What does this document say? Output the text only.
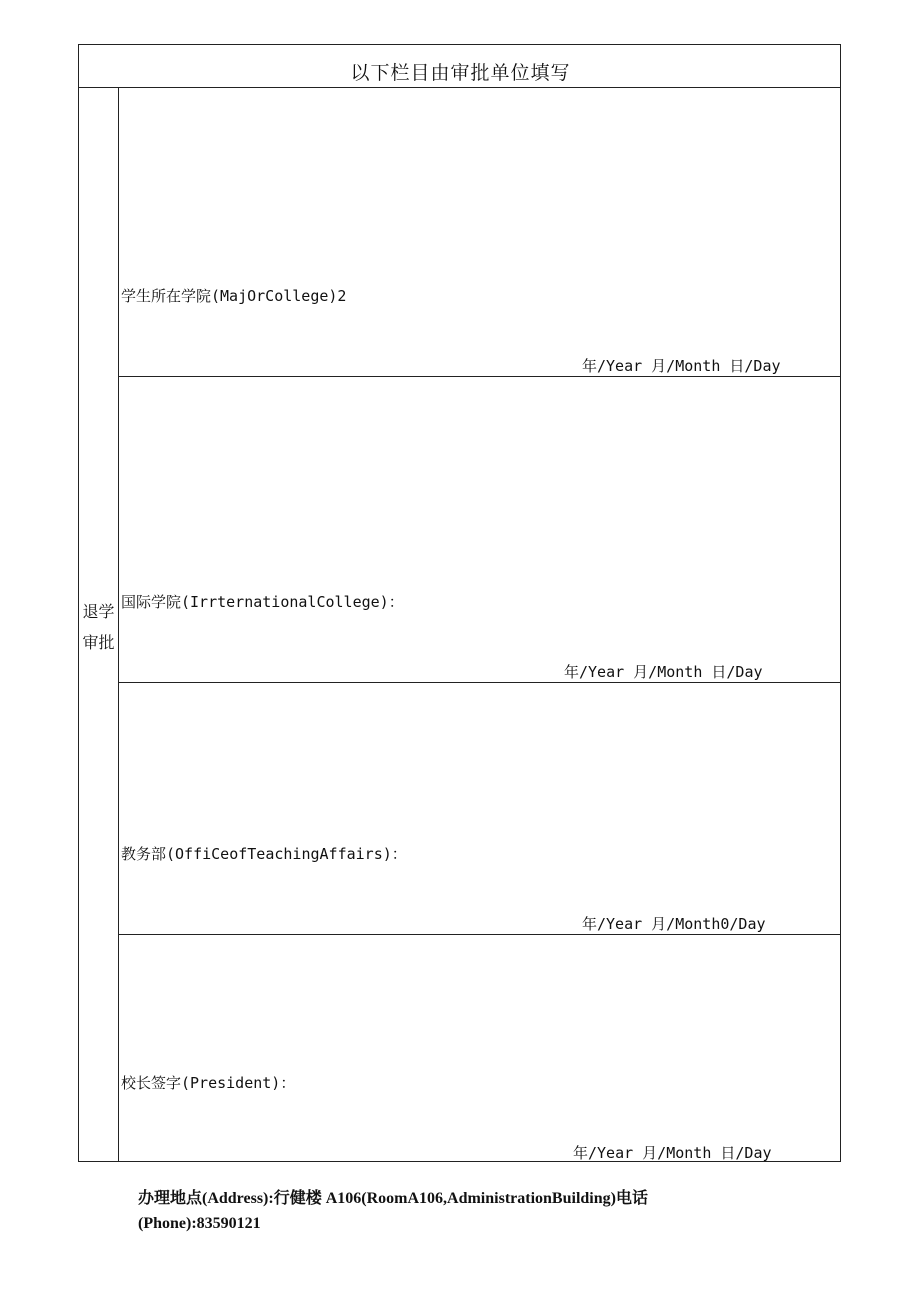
以下栏目由审批单位填写
退学
审批
学生所在学院(MajOrCollege)2
年/Year 月/Month 日/Day
国际学院(IrrternationalCollege)：
年/Year 月/Month 日/Day
教务部(OffiCeofTeachingAffairs)：
年/Year 月/Month0/Day
校长签字(President)：
年/Year 月/Month 日/Day
办理地点(Address):行健楼 A106(RoomA106,AdministrationBuilding)电话
(Phone):83590121
